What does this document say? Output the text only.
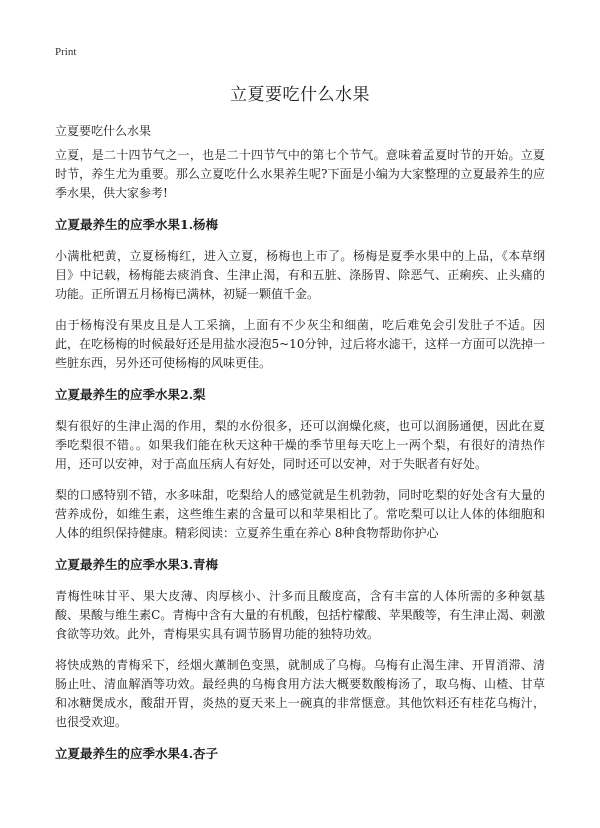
Print
立夏要吃什么水果

立夏要吃什么水果

立夏，是二十四节气之一，也是二十四节气中的第七个节气。意味着孟夏时节的开始。立夏时节，养生尤为重要。那么立夏吃什么水果养生呢?下面是小编为大家整理的立夏最养生的应季水果，供大家参考!

立夏最养生的应季水果1.杨梅

小满枇杷黄，立夏杨梅红，进入立夏，杨梅也上市了。杨梅是夏季水果中的上品，《本草纲目》中记载，杨梅能去痰消食、生津止渴，有和五脏、涤肠胃、除恶气、正痢疾、止头痛的功能。正所谓五月杨梅已满林，初疑一颗值千金。

由于杨梅没有果皮且是人工采摘，上面有不少灰尘和细菌，吃后难免会引发肚子不适。因此，在吃杨梅的时候最好还是用盐水浸泡5~10分钟，过后将水滤干，这样一方面可以洗掉一些脏东西，另外还可使杨梅的风味更佳。

立夏最养生的应季水果2.梨

梨有很好的生津止渴的作用，梨的水份很多，还可以润燥化痰，也可以润肠通便，因此在夏季吃梨很不错。。如果我们能在秋天这种干燥的季节里每天吃上一两个梨，有很好的清热作用，还可以安神，对于高血压病人有好处，同时还可以安神，对于失眠者有好处。

梨的口感特别不错，水多味甜，吃梨给人的感觉就是生机勃勃，同时吃梨的好处含有大量的营养成份，如维生素，这些维生素的含量可以和苹果相比了。常吃梨可以让人体的体细胞和人体的组织保持健康。精彩阅读：立夏养生重在养心 8种食物帮助你护心

立夏最养生的应季水果3.青梅

青梅性味甘平、果大皮薄、肉厚核小、汁多而且酸度高，含有丰富的人体所需的多种氨基酸、果酸与维生素C。青梅中含有大量的有机酸，包括柠檬酸、苹果酸等，有生津止渴、刺激食欲等功效。此外，青梅果实具有调节肠胃功能的独特功效。

将快成熟的青梅采下，经烟火薰制色变黑，就制成了乌梅。乌梅有止渴生津、开胃消滞、清肠止吐、清血解酒等功效。最经典的乌梅食用方法大概要数酸梅汤了，取乌梅、山楂、甘草和冰糖煲成水，酸甜开胃，炎热的夏天来上一碗真的非常惬意。其他饮料还有桂花乌梅汁，也很受欢迎。

立夏最养生的应季水果4.杏子
